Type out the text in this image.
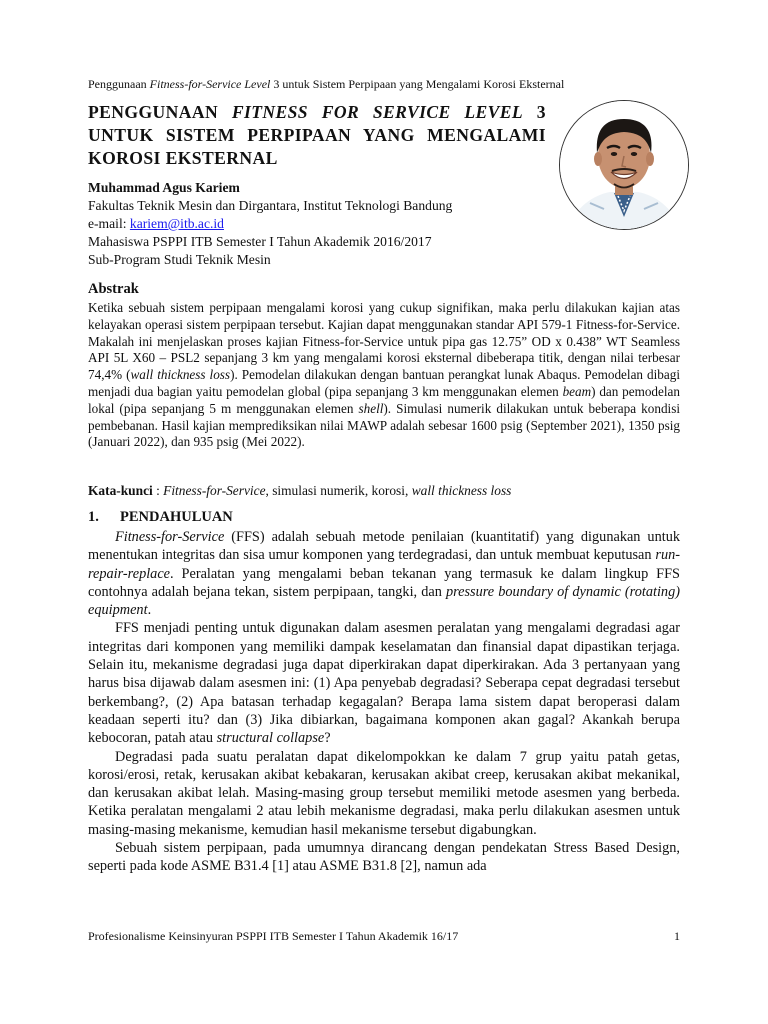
Penggunaan Fitness-for-Service Level 3 untuk Sistem Perpipaan yang Mengalami Korosi Eksternal
PENGGUNAAN FITNESS FOR SERVICE LEVEL 3 UNTUK SISTEM PERPIPAAN YANG MENGALAMI KOROSI EKSTERNAL
Muhammad Agus Kariem
Fakultas Teknik Mesin dan Dirgantara, Institut Teknologi Bandung
e-mail: kariem@itb.ac.id
Mahasiswa PSPPI ITB Semester I Tahun Akademik 2016/2017
Sub-Program Studi Teknik Mesin
Abstrak

Ketika sebuah sistem perpipaan mengalami korosi yang cukup signifikan, maka perlu dilakukan kajian atas kelayakan operasi sistem perpipaan tersebut. Kajian dapat menggunakan standar API 579-1 Fitness-for-Service. Makalah ini menjelaskan proses kajian Fitness-for-Service untuk pipa gas 12.75” OD x 0.438” WT Seamless API 5L X60 – PSL2 sepanjang 3 km yang mengalami korosi eksternal dibeberapa titik, dengan nilai terbesar 74,4% (wall thickness loss). Pemodelan dilakukan dengan bantuan perangkat lunak Abaqus. Pemodelan dibagi menjadi dua bagian yaitu pemodelan global (pipa sepanjang 3 km menggunakan elemen beam) dan pemodelan lokal (pipa sepanjang 5 m menggunakan elemen shell). Simulasi numerik dilakukan untuk beberapa kondisi pembebanan. Hasil kajian memprediksikan nilai MAWP adalah sebesar 1600 psig (September 2021), 1350 psig (Januari 2022), dan 935 psig (Mei 2022).

Kata-kunci : Fitness-for-Service, simulasi numerik, korosi, wall thickness loss
1. PENDAHULUAN

Fitness-for-Service (FFS) adalah sebuah metode penilaian (kuantitatif) yang digunakan untuk menentukan integritas dan sisa umur komponen yang terdegradasi, dan untuk membuat keputusan run-repair-replace. Peralatan yang mengalami beban tekanan yang termasuk ke dalam lingkup FFS contohnya adalah bejana tekan, sistem perpipaan, tangki, dan pressure boundary of dynamic (rotating) equipment.

FFS menjadi penting untuk digunakan dalam asesmen peralatan yang mengalami degradasi agar integritas dari komponen yang memiliki dampak keselamatan dan finansial dapat dipastikan terjaga. Selain itu, mekanisme degradasi juga dapat diperkirakan dapat diperkirakan. Ada 3 pertanyaan yang harus bisa dijawab dalam asesmen ini: (1) Apa penyebab degradasi? Seberapa cepat degradasi tersebut berkembang?, (2) Apa batasan terhadap kegagalan? Berapa lama sistem dapat beroperasi dalam keadaan seperti itu? dan (3) Jika dibiarkan, bagaimana komponen akan gagal? Akankah berupa kebocoran, patah atau structural collapse?

Degradasi pada suatu peralatan dapat dikelompokkan ke dalam 7 grup yaitu patah getas, korosi/erosi, retak, kerusakan akibat kebakaran, kerusakan akibat creep, kerusakan akibat mekanikal, dan kerusakan akibat lelah. Masing-masing group tersebut memiliki metode asesmen yang berbeda. Ketika peralatan mengalami 2 atau lebih mekanisme degradasi, maka perlu dilakukan asesmen untuk masing-masing mekanisme, kemudian hasil mekanisme tersebut digabungkan.

Sebuah sistem perpipaan, pada umumnya dirancang dengan pendekatan Stress Based Design, seperti pada kode ASME B31.4 [1] atau ASME B31.8 [2], namun ada

Profesionalisme Keinsinyuran PSPPI ITB Semester I Tahun Akademik 16/17	1
